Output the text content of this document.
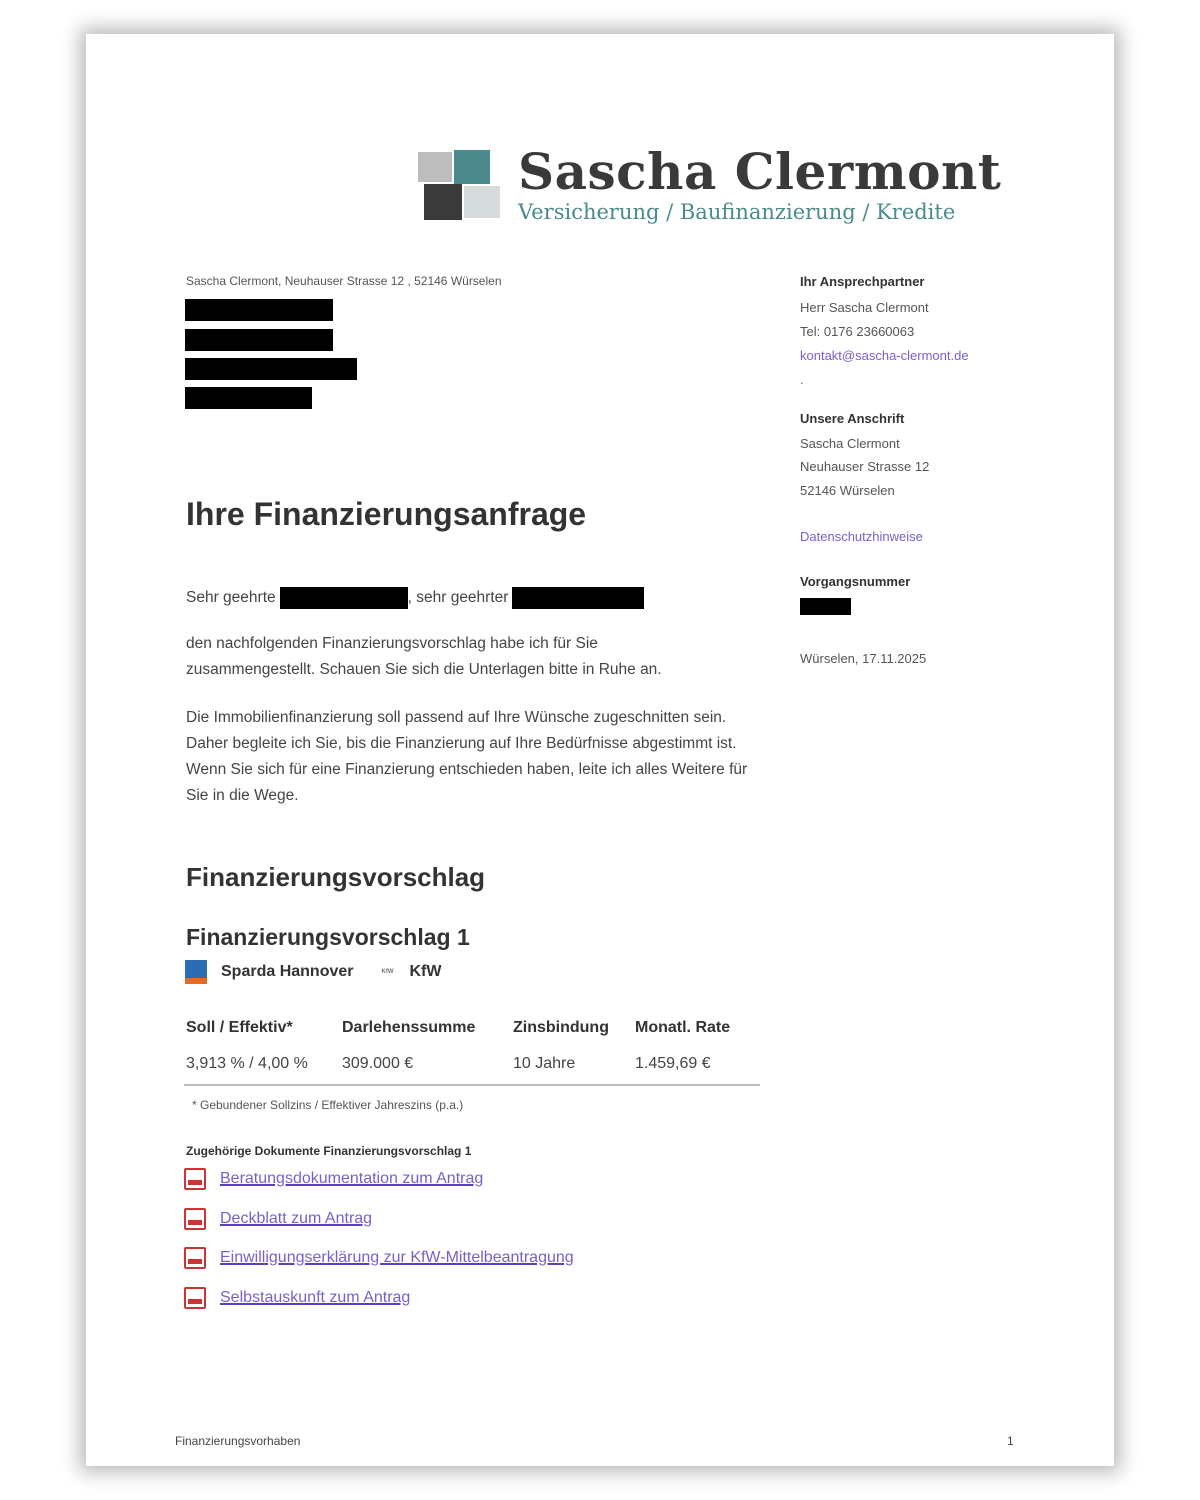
Sascha Clermont
Versicherung / Baufinanzierung / Kredite
Sascha Clermont, Neuhauser Strasse 12 , 52146 Würselen
Ihre Finanzierungsanfrage
Sehr geehrte	, sehr geehrter
den nachfolgenden Finanzierungsvorschlag habe ich für Sie zusammengestellt. Schauen Sie sich die Unterlagen bitte in Ruhe an.
Die Immobilienfinanzierung soll passend auf Ihre Wünsche zugeschnitten sein. Daher begleite ich Sie, bis die Finanzierung auf Ihre Bedürfnisse abgestimmt ist. Wenn Sie sich für eine Finanzierung entschieden haben, leite ich alles Weitere für Sie in die Wege.
Finanzierungsvorschlag
Finanzierungsvorschlag 1
Sparda Hannover	KfW KfW
Soll / Effektiv*	Darlehenssumme	Zinsbindung	Monatl. Rate
3,913 % / 4,00 %	309.000 €	10 Jahre	1.459,69 €
* Gebundener Sollzins / Effektiver Jahreszins (p.a.)
Zugehörige Dokumente Finanzierungsvorschlag 1
Beratungsdokumentation zum Antrag
Deckblatt zum Antrag
Einwilligungserklärung zur KfW-Mittelbeantragung
Selbstauskunft zum Antrag
Ihr Ansprechpartner
Herr Sascha Clermont
Tel: 0176 23660063
kontakt@sascha-clermont.de
.
Unsere Anschrift
Sascha Clermont
Neuhauser Strasse 12
52146 Würselen
Datenschutzhinweise
Vorgangsnummer
Würselen, 17.11.2025
Finanzierungsvorhaben	1
